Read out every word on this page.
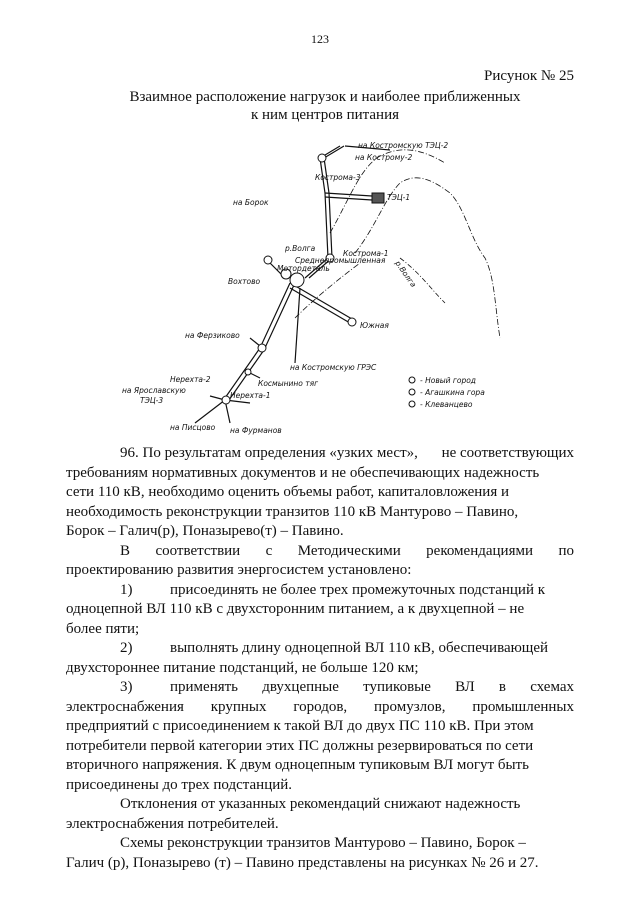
123
Рисунок № 25
Взаимное расположение нагрузок и наиболее приближенных
к ним центров питания
на Костромскую ТЭЦ-2
на Кострому-2
Кострома-3
ТЭЦ-1
на Борок
р.Волга
Кострома-1
Среднепромышленная
Мотордеталь
Вохтово	р.Волга
Южная
на Ферзиково
на Костромскую ГРЭС
Нерехта-2	Космынино тяг
на Ярославскую
ТЭЦ-3
Нерехта-1
на Писцово на Фурманов
- Новый город
- Агашкина гора
- Клеванцево
96. По результатам определения «узких мест», не соответствующих
требованиям нормативных документов и не обеспечивающих надежность
сети 110 кВ, необходимо оценить объемы работ, капиталовложения и
необходимость реконструкции транзитов 110 кВ Мантурово – Павино,
Борок – Галич(р), Поназырево(т) – Павино.
В соответствии с Методическими рекомендациями по
проектированию развития энергосистем установлено:
1)	присоединять не более трех промежуточных подстанций к
одноцепной ВЛ 110 кВ с двухсторонним питанием, а к двухцепной – не
более пяти;
2)	выполнять длину одноцепной ВЛ 110 кВ, обеспечивающей
двухстороннее питание подстанций, не больше 120 км;
3)	применять двухцепные тупиковые ВЛ в схемах
электроснабжения крупных городов, промузлов, промышленных
предприятий с присоединением к такой ВЛ до двух ПС 110 кВ. При этом
потребители первой категории этих ПС должны резервироваться по сети
вторичного напряжения. К двум одноцепным тупиковым ВЛ могут быть
присоединены до трех подстанций.
Отклонения от указанных рекомендаций снижают надежность
электроснабжения потребителей.
Схемы реконструкции транзитов Мантурово – Павино, Борок –
Галич (р), Поназырево (т) – Павино представлены на рисунках № 26 и 27.
